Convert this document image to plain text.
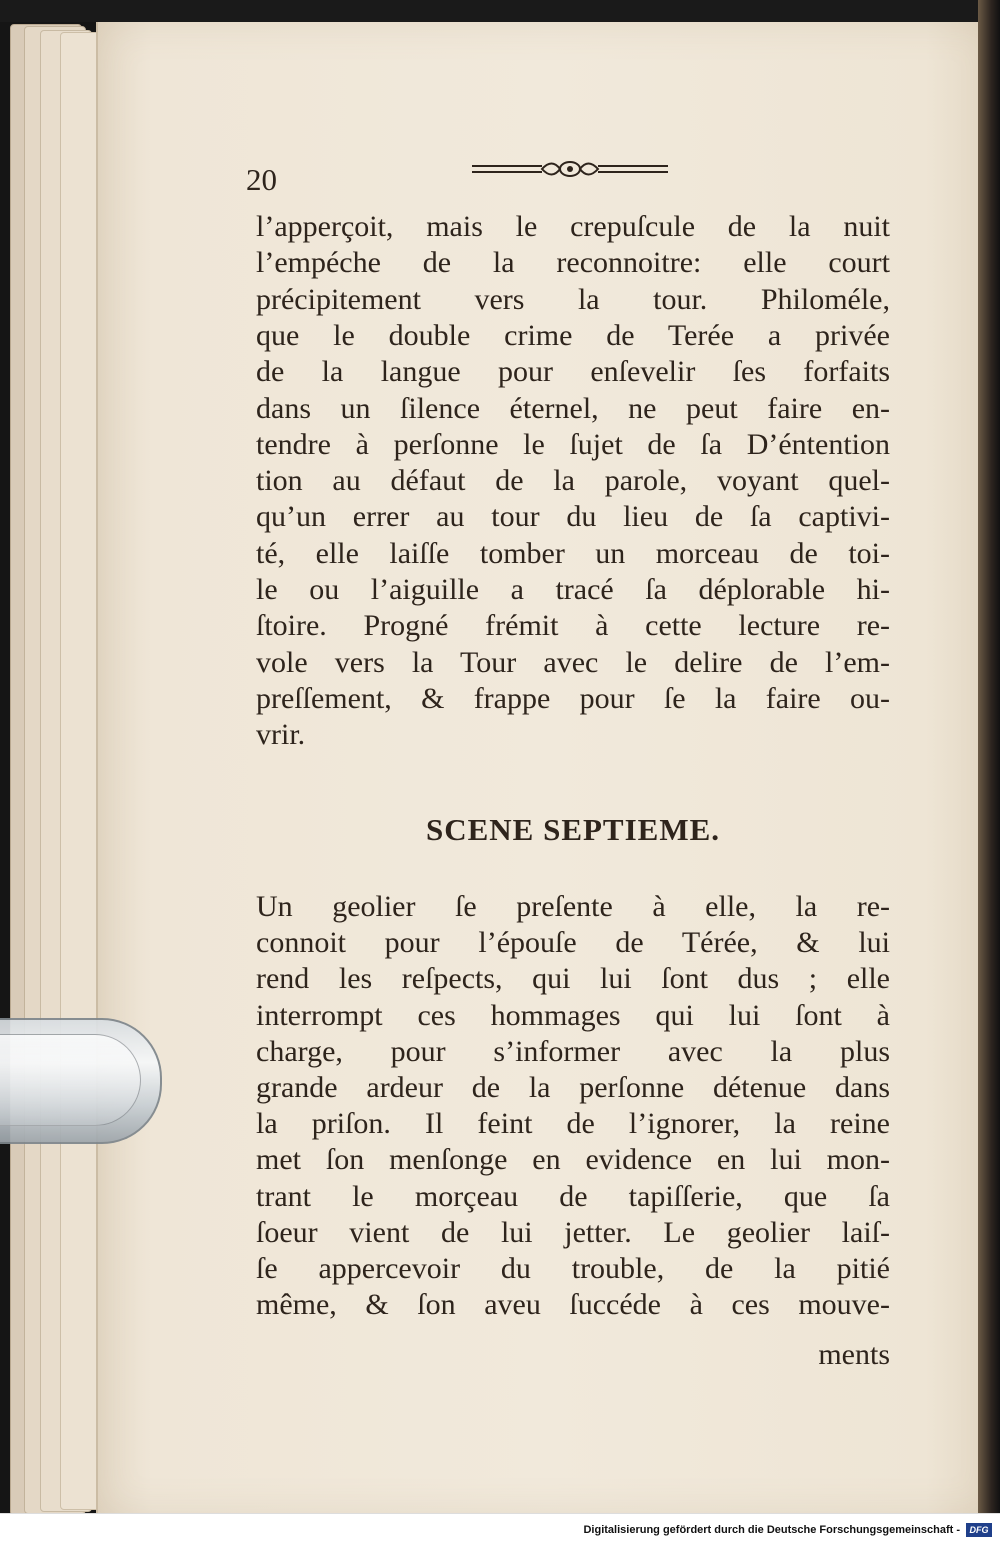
20
l’apperçoit, mais le crepuſcule de la nuit
l’empéche de la reconnoitre: elle court
précipitement vers la tour. Philoméle,
que le double crime de Terée a privée
de la langue pour enſevelir ſes forfaits
dans un ſilence éternel, ne peut faire en-
tendre à perſonne le ſujet de ſa D’éntention
tion au défaut de la parole, voyant quel-
qu’un errer au tour du lieu de ſa captivi-
té, elle laiſſe tomber un morceau de toi-
le ou l’aiguille a tracé ſa déplorable hi-
ſtoire. Progné frémit à cette lecture re-
vole vers la Tour avec le delire de l’em-
preſſement, & frappe pour ſe la faire ou-
vrir.
SCENE SEPTIEME.
Un geolier ſe preſente à elle, la re-
connoit pour l’épouſe de Térée, & lui
rend les reſpects, qui lui ſont dus ; elle
interrompt ces hommages qui lui ſont à
charge, pour s’informer avec la plus
grande ardeur de la perſonne détenue dans
la priſon. Il feint de l’ignorer, la reine
met ſon menſonge en evidence en lui mon-
trant le morçeau de tapiſſerie, que ſa
ſoeur vient de lui jetter. Le geolier laiſ-
ſe appercevoir du trouble, de la pitié
même, & ſon aveu ſuccéde à ces mouve-
ments
Digitalisierung gefördert durch die Deutsche Forschungsgemeinschaft -	DFG
